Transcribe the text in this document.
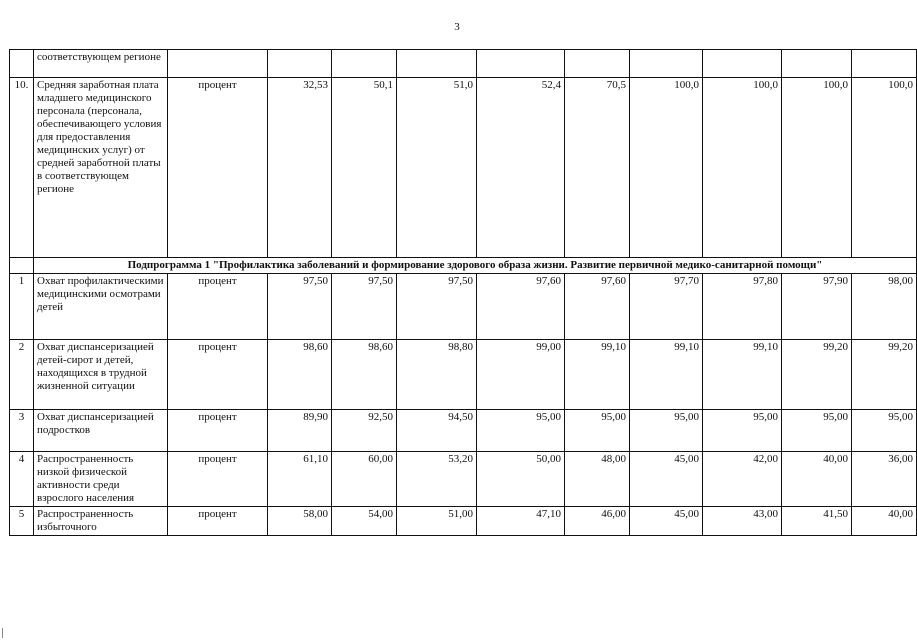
3
	соответствующем регионе										
10.	Средняя заработная плата младшего медицинского персонала (персонала, обеспечивающего условия для предоставления медицинских услуг) от средней заработной платы в соответствующем регионе	процент	32,53	50,1	51,0	52,4	70,5	100,0	100,0	100,0	100,0
	Подпрограмма 1 "Профилактика заболеваний и формирование здорового образа жизни. Развитие первичной медико-санитарной помощи"										
1	Охват профилактическими медицинскими осмотрами детей	процент	97,50	97,50	97,50	97,60	97,60	97,70	97,80	97,90	98,00
2	Охват диспансеризацией детей-сирот и детей, находящихся в трудной жизненной ситуации	процент	98,60	98,60	98,80	99,00	99,10	99,10	99,10	99,20	99,20
3	Охват диспансеризацией подростков	процент	89,90	92,50	94,50	95,00	95,00	95,00	95,00	95,00	95,00
4	Распространенность низкой физической активности среди взрослого населения	процент	61,10	60,00	53,20	50,00	48,00	45,00	42,00	40,00	36,00
5	Распространенность избыточного	процент	58,00	54,00	51,00	47,10	46,00	45,00	43,00	41,50	40,00
